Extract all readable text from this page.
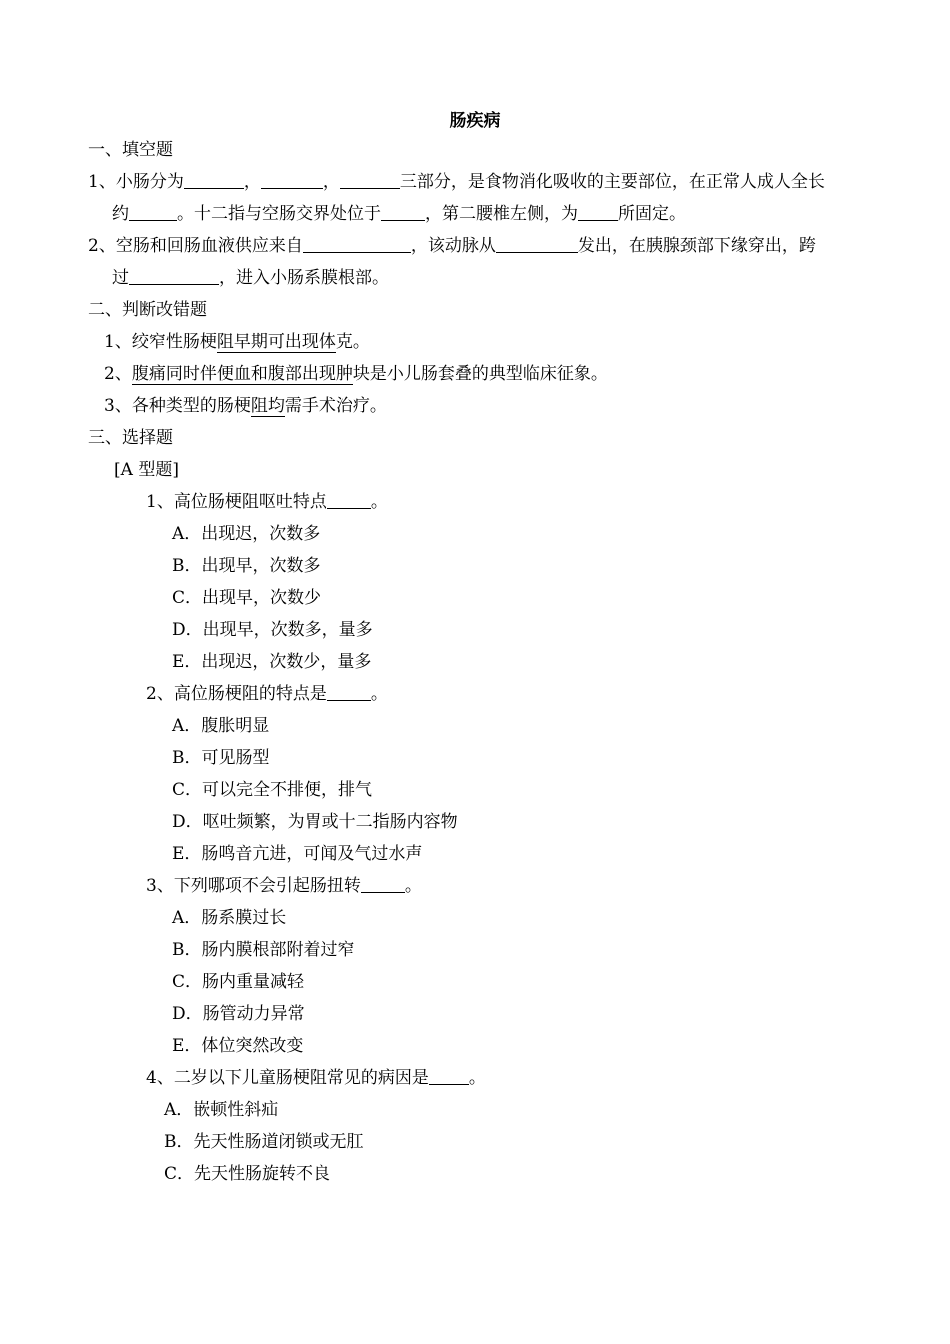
肠疾病
一、填空题
1、小肠分为	，	，	三部分，是食物消化吸收的主要部位，在正常人成人全长
约	。十二指与空肠交界处位于	，第二腰椎左侧，为 所固定。
2、空肠和回肠血液供应来自	，该动脉从	发出，在胰腺颈部下缘穿出，跨
过	，进入小肠系膜根部。
二、判断改错题
1、绞窄性肠梗阻早期可出现体克。
2、腹痛同时伴便血和腹部出现肿块是小儿肠套叠的典型临床征象。
3、各种类型的肠梗阻均需手术治疗。
三、选择题
[A 型题]
1、高位肠梗阻呕吐特点	。
A．出现迟，次数多
B．出现早，次数多
C．出现早，次数少
D．出现早，次数多，量多
E．出现迟，次数少，量多
2、高位肠梗阻的特点是	。
A．腹胀明显
B．可见肠型
C．可以完全不排便，排气
D．呕吐频繁，为胃或十二指肠内容物
E．肠鸣音亢进，可闻及气过水声
3、下列哪项不会引起肠扭转	。
A．肠系膜过长
B．肠内膜根部附着过窄
C．肠内重量减轻
D．肠管动力异常
E．体位突然改变
4、二岁以下儿童肠梗阻常见的病因是 。
A．嵌顿性斜疝
B．先天性肠道闭锁或无肛
C．先天性肠旋转不良
